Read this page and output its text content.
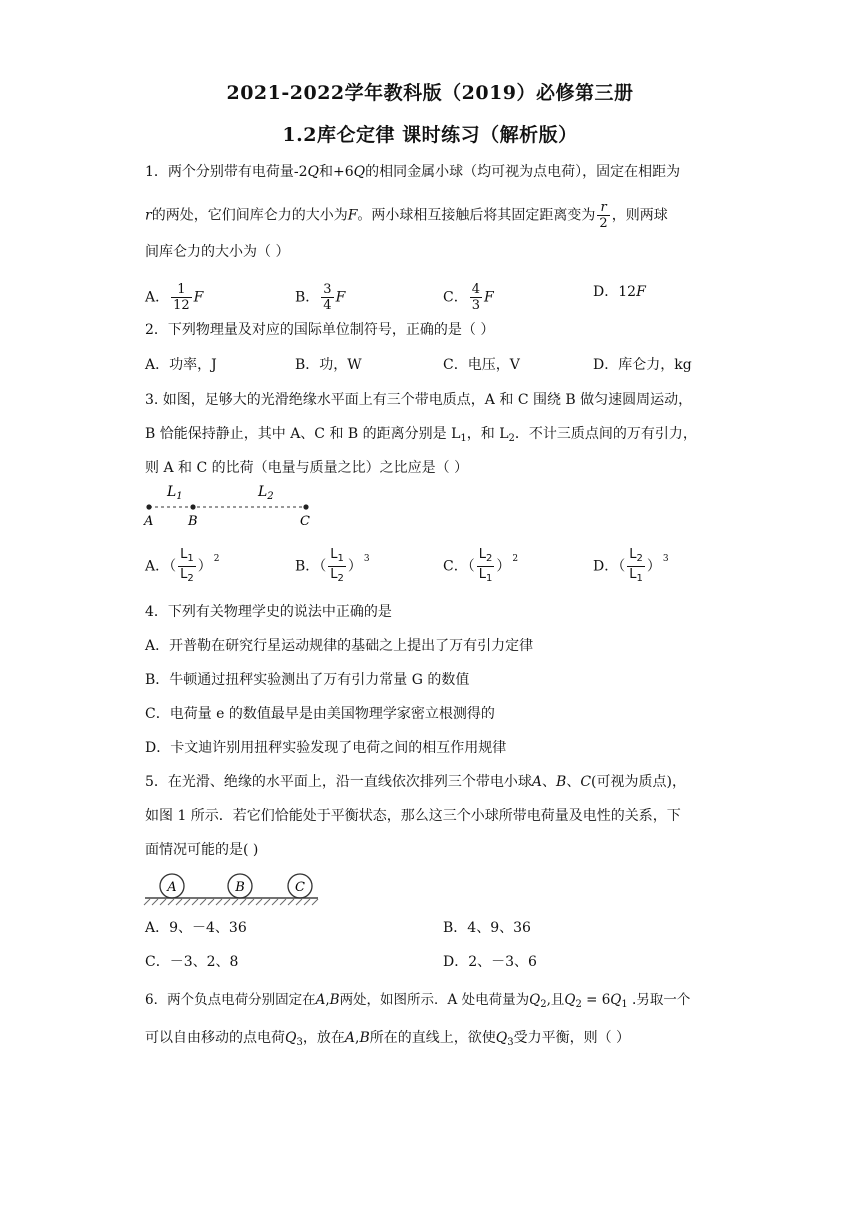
2021-2022学年教科版（2019）必修第三册
1.2库仑定律 课时练习（解析版）
1．两个分别带有电荷量-2Q和+6Q的相同金属小球（均可视为点电荷），固定在相距为
r的两处，它们间库仑力的大小为F。两小球相互接触后将其固定距离变为 $\frac{r}{2}$ ，则两球
间库仑力的大小为（ ）
A． $\frac{1}{12}$ F	B． $\frac{3}{4}$ F	C． $\frac{4}{3}$ F	D．12F
2．下列物理量及对应的国际单位制符号，正确的是（ ）
A．功率，J	B．功，W	C．电压，V	D．库仑力，kg
3. 如图，足够大的光滑绝缘水平面上有三个带电质点，A 和 C 围绕 B 做匀速圆周运动，
B 恰能保持静止，其中 A、C 和 B 的距离分别是 $L_1$，和 $L_2$．不计三质点间的万有引力，
则 A 和 C 的比荷（电量与质量之比）之比应是（ ）
$L_1$	$L_2$
A	B	C
A．（ $\frac{L_1}{L_2}$ ） $^2$	B．（ $\frac{L_1}{L_2}$ ） $^3$	C．（ $\frac{L_2}{L_1}$ ） $^2$	D．（ $\frac{L_2}{L_1}$ ） $^3$
4．下列有关物理学史的说法中正确的是
A．开普勒在研究行星运动规律的基础之上提出了万有引力定律
B．牛顿通过扭秤实验测出了万有引力常量 G 的数值
C．电荷量 e 的数值最早是由美国物理学家密立根测得的
D．卡文迪许别用扭秤实验发现了电荷之间的相互作用规律
5．在光滑、绝缘的水平面上，沿一直线依次排列三个带电小球A、B、C(可视为质点)，
如图 1 所示．若它们恰能处于平衡状态，那么这三个小球所带电荷量及电性的关系，下
面情况可能的是( )
A	B	C
A．9、－4、36	B．4、9、36
C．－3、2、8	D．2、－3、6
6．两个负点电荷分别固定在A,B两处，如图所示．A 处电荷量为$Q_2$,且$Q_2 = 6Q_1$ .另取一个
可以自由移动的点电荷$Q_3$，放在A,B所在的直线上，欲使$Q_3$受力平衡，则（ ）
